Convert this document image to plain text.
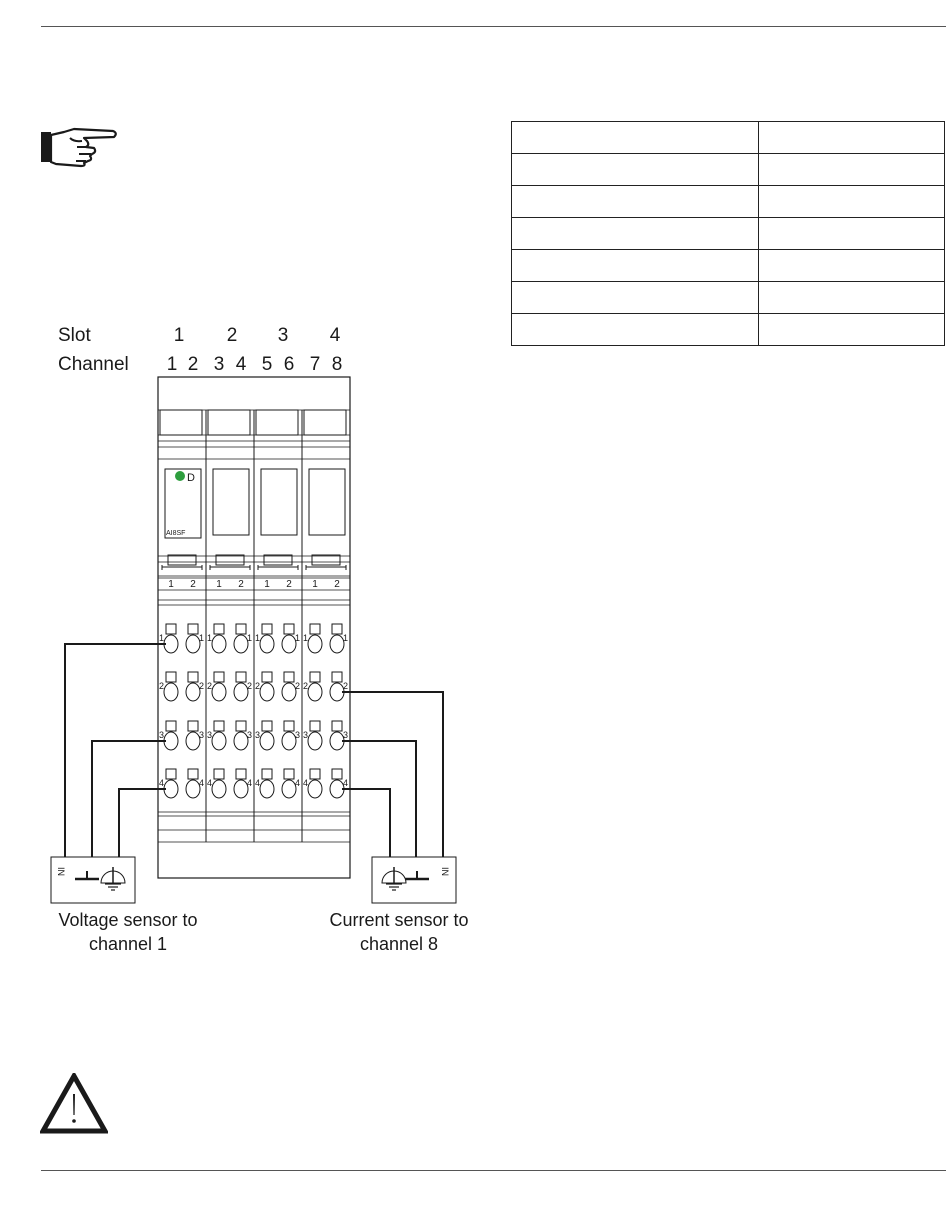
IN	IN
Slot
Channel
1 2 3 4
1 2 3 4 5 6 7 8
D
AI8SF
1 2 1 2 1 2 1 2
1	1 1	1 1	1 1	1
2	2 2	2 2	2 2	2
3	3 3	3 3	3 3	3
4	4 4	4 4	4 4	4
Voltage sensor to
channel 1
Current sensor to
channel 8
